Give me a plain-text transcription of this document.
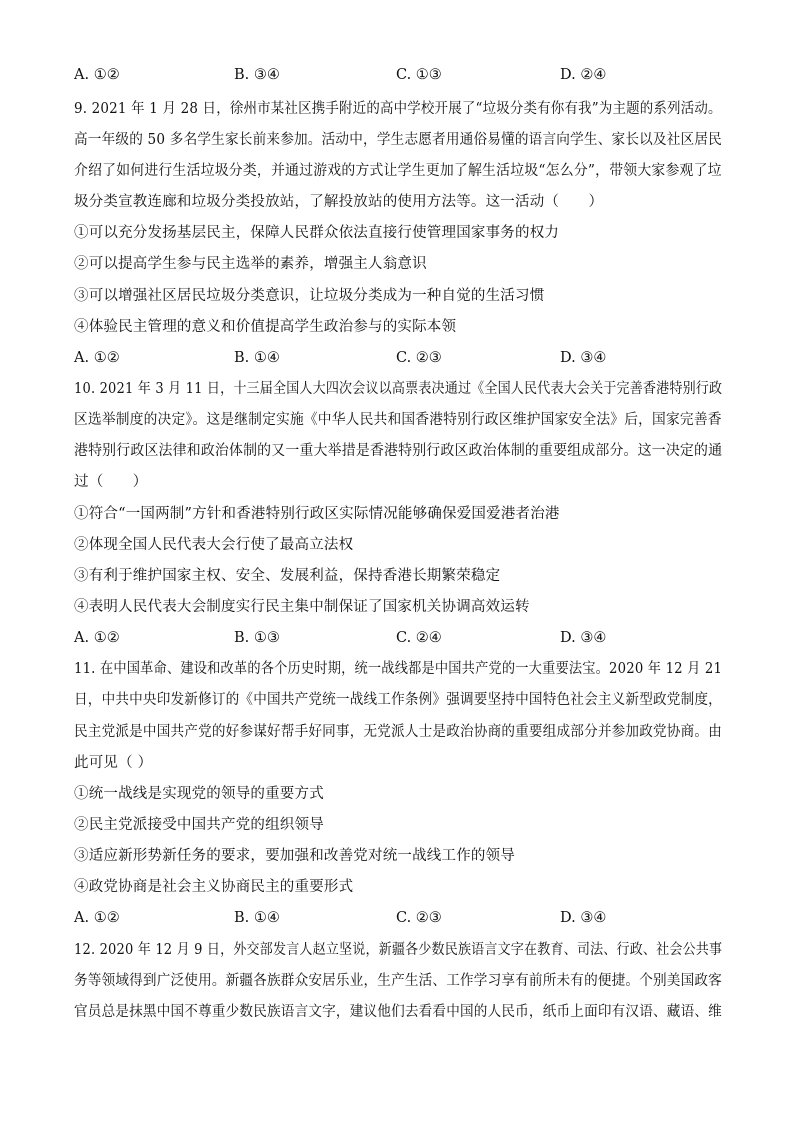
A. ①②	B. ③④	C. ①③	D. ②④
9. 2021 年 1 月 28 日，徐州市某社区携手附近的高中学校开展了“垃圾分类有你有我”为主题的系列活动。
高一年级的 50 多名学生家长前来参加。活动中，学生志愿者用通俗易懂的语言向学生、家长以及社区居民
介绍了如何进行生活垃圾分类，并通过游戏的方式让学生更加了解生活垃圾“怎么分”，带领大家参观了垃
圾分类宣教连廊和垃圾分类投放站，了解投放站的使用方法等。这一活动（　　）
①可以充分发扬基层民主，保障人民群众依法直接行使管理国家事务的权力
②可以提高学生参与民主选举的素养，增强主人翁意识
③可以增强社区居民垃圾分类意识，让垃圾分类成为一种自觉的生活习惯
④体验民主管理的意义和价值提高学生政治参与的实际本领
A. ①②	B. ①④	C. ②③	D. ③④
10. 2021 年 3 月 11 日，十三届全国人大四次会议以高票表决通过《全国人民代表大会关于完善香港特别行政
区选举制度的决定》。这是继制定实施《中华人民共和国香港特别行政区维护国家安全法》后，国家完善香
港特别行政区法律和政治体制的又一重大举措是香港特别行政区政治体制的重要组成部分。这一决定的通
过（　　）
①符合“一国两制”方针和香港特别行政区实际情况能够确保爱国爱港者治港
②体现全国人民代表大会行使了最高立法权
③有利于维护国家主权、安全、发展利益，保持香港长期繁荣稳定
④表明人民代表大会制度实行民主集中制保证了国家机关协调高效运转
A. ①②	B. ①③	C. ②④	D. ③④
11. 在中国革命、建设和改革的各个历史时期，统一战线都是中国共产党的一大重要法宝。2020 年 12 月 21
日，中共中央印发新修订的《中国共产党统一战线工作条例》强调要坚持中国特色社会主义新型政党制度，
民主党派是中国共产党的好参谋好帮手好同事，无党派人士是政治协商的重要组成部分并参加政党协商。由
此可见（ ）
①统一战线是实现党的领导的重要方式
②民主党派接受中国共产党的组织领导
③适应新形势新任务的要求，要加强和改善党对统一战线工作的领导
④政党协商是社会主义协商民主的重要形式
A. ①②	B. ①④	C. ②③	D. ③④
12. 2020 年 12 月 9 日，外交部发言人赵立坚说，新疆各少数民族语言文字在教育、司法、行政、社会公共事
务等领域得到广泛使用。新疆各族群众安居乐业，生产生活、工作学习享有前所未有的便捷。个别美国政客
官员总是抹黑中国不尊重少数民族语言文字，建议他们去看看中国的人民币，纸币上面印有汉语、藏语、维
